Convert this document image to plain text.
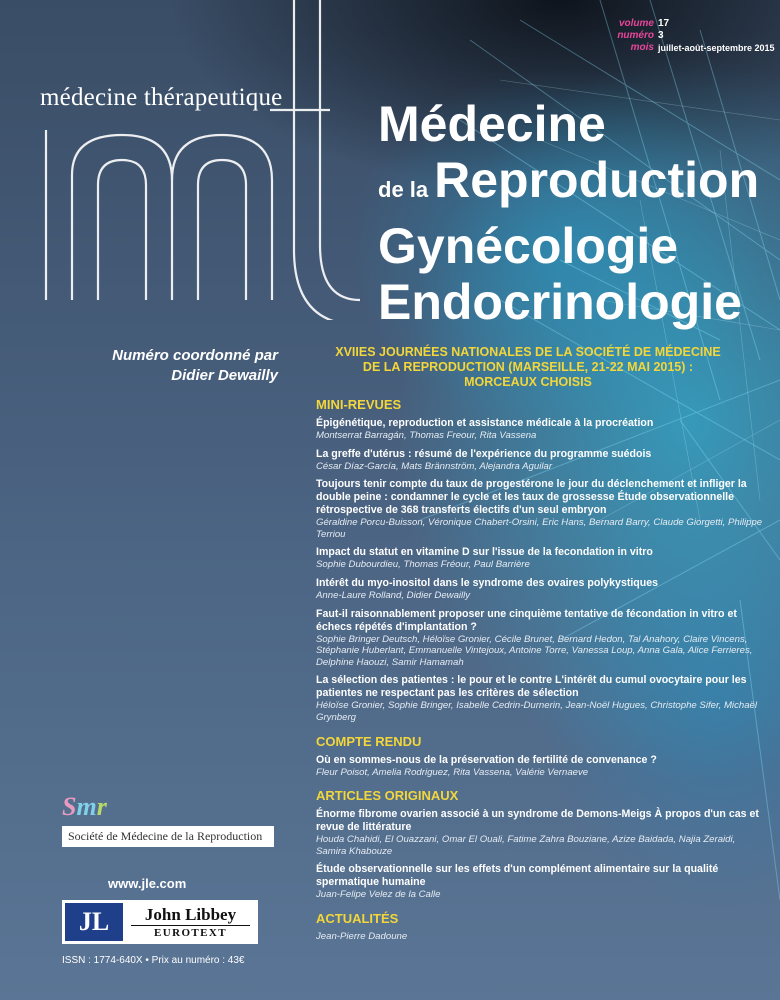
médecine thérapeutique
volume 17
numéro 3
mois juillet-août-septembre 2015
Médecine
de la Reproduction
Gynécologie
Endocrinologie
Numéro coordonné par
Didier Dewailly
XVIIES JOURNÉES NATIONALES DE LA SOCIÉTÉ DE MÉDECINE
DE LA REPRODUCTION (MARSEILLE, 21-22 MAI 2015) :
MORCEAUX CHOISIS
MINI-REVUES
Épigénétique, reproduction et assistance médicale à la procréation
Montserrat Barragán, Thomas Freour, Rita Vassena
La greffe d'utérus : résumé de l'expérience du programme suédois
César Díaz-García, Mats Brännström, Alejandra Aguilar
Toujours tenir compte du taux de progestérone le jour du déclenchement et infliger la double peine : condamner le cycle et les taux de grossesse Étude observationnelle rétrospective de 368 transferts électifs d'un seul embryon
Géraldine Porcu-Buisson, Véronique Chabert-Orsini, Eric Hans, Bernard Barry, Claude Giorgetti, Philippe Terriou
Impact du statut en vitamine D sur l'issue de la fecondation in vitro
Sophie Dubourdieu, Thomas Fréour, Paul Barrière
Intérêt du myo-inositol dans le syndrome des ovaires polykystiques
Anne-Laure Rolland, Didier Dewailly
Faut-il raisonnablement proposer une cinquième tentative de fécondation in vitro et échecs répétés d'implantation ?
Sophie Bringer Deutsch, Héloïse Gronier, Cécile Brunet, Bernard Hedon, Tal Anahory, Claire Vincens, Stéphanie Huberlant, Emmanuelle Vintejoux, Antoine Torre, Vanessa Loup, Anna Gala, Alice Ferrieres, Delphine Haouzi, Samir Hamamah
La sélection des patientes : le pour et le contre L'intérêt du cumul ovocytaire pour les patientes ne respectant pas les critères de sélection
Héloïse Gronier, Sophie Bringer, Isabelle Cedrin-Durnerin, Jean-Noël Hugues, Christophe Sifer, Michaël Grynberg
COMPTE RENDU
Où en sommes-nous de la préservation de fertilité de convenance ?
Fleur Poisot, Amelia Rodriguez, Rita Vassena, Valérie Vernaeve
ARTICLES ORIGINAUX
Énorme fibrome ovarien associé à un syndrome de Demons-Meigs À propos d'un cas et revue de littérature
Houda Chahidi, El Ouazzani, Omar El Ouali, Fatime Zahra Bouziane, Azize Baidada, Najia Zeraidi, Samira Khabouze
Étude observationnelle sur les effets d'un complément alimentaire sur la qualité spermatique humaine
Juan-Felipe Velez de la Calle
ACTUALITÉS
Jean-Pierre Dadoune
Smr
Société de Médecine de la Reproduction
www.jle.com
JL	John Libbey
EUROTEXT
ISSN : 1774-640X • Prix au numéro : 43€
